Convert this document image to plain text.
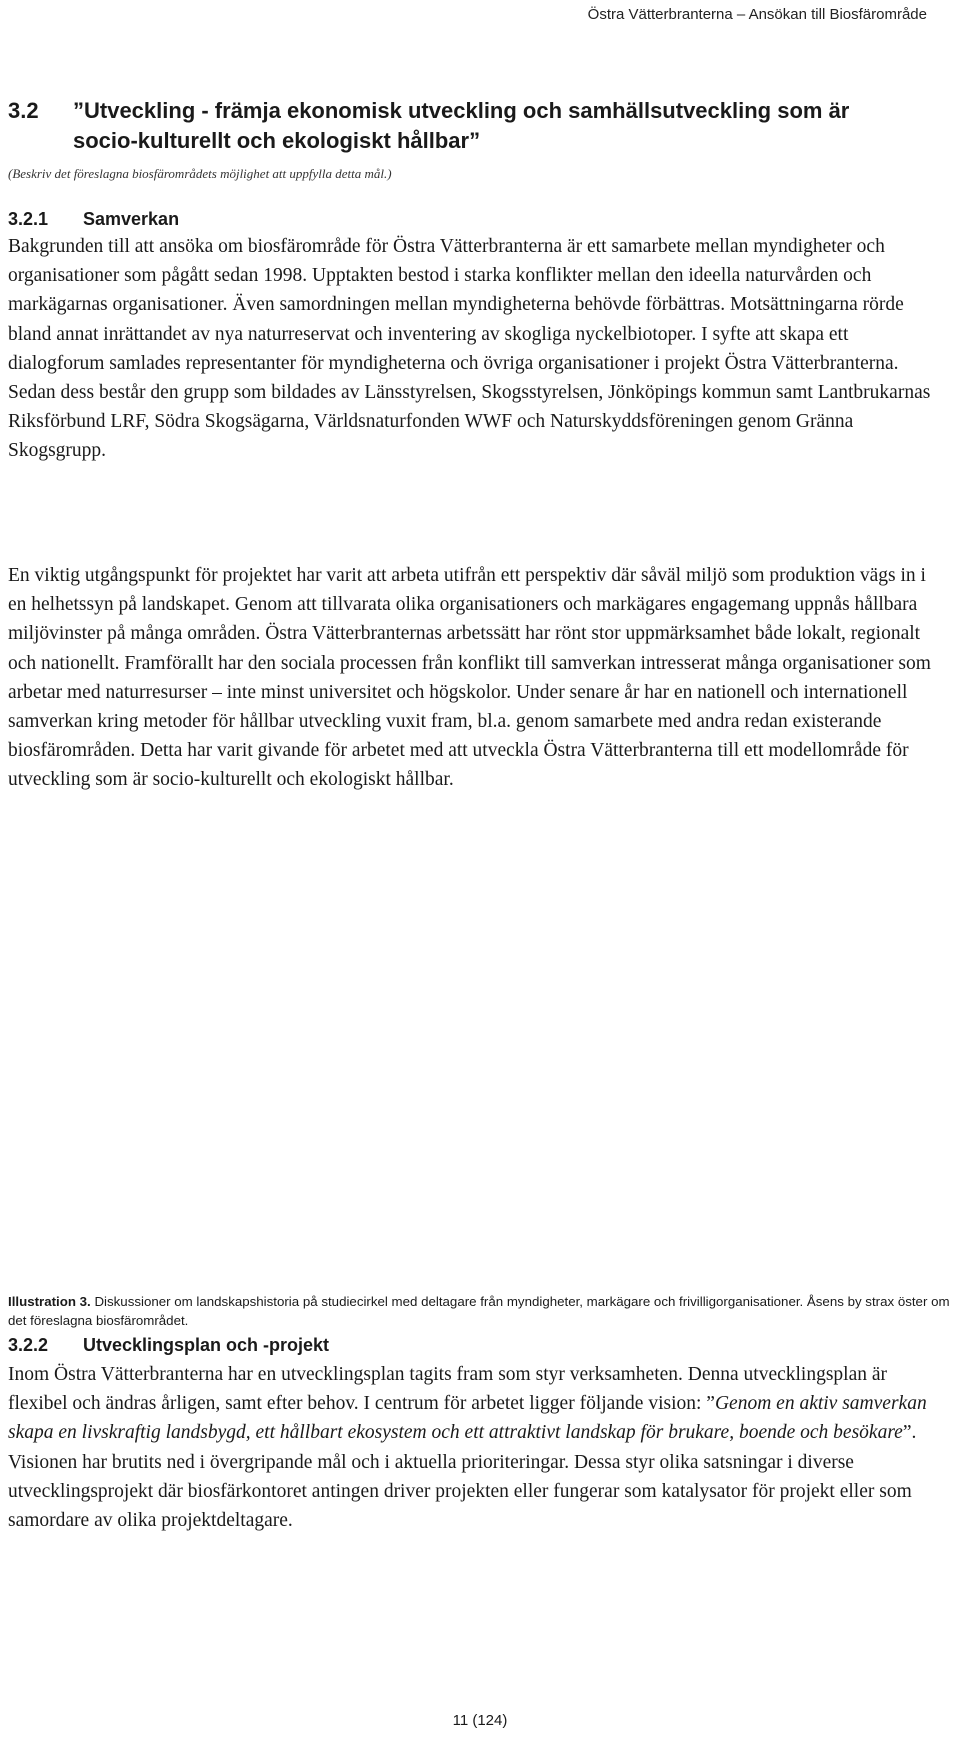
Östra Vätterbranterna – Ansökan till Biosfärområde
3.2	”Utveckling - främja ekonomisk utveckling och samhällsutveckling som är socio-kulturellt och ekologiskt hållbar”
(Beskriv det föreslagna biosfärområdets möjlighet att uppfylla detta mål.)
3.2.1 Samverkan

Bakgrunden till att ansöka om biosfärområde för Östra Vätterbranterna är ett samarbete mellan myndigheter och organisationer som pågått sedan 1998. Upptakten bestod i starka konflikter mellan den ideella naturvården och markägarnas organisationer. Även samordningen mellan myndigheterna behövde förbättras. Motsättningarna rörde bland annat inrättandet av nya naturreservat och inventering av skogliga nyckelbiotoper. I syfte att skapa ett dialogforum samlades representanter för myndigheterna och övriga organisationer i projekt Östra Vätterbranterna. Sedan dess består den grupp som bildades av Länsstyrelsen, Skogsstyrelsen, Jönköpings kommun samt Lantbrukarnas Riksförbund LRF, Södra Skogsägarna, Världsnaturfonden WWF och Naturskyddsföreningen genom Gränna Skogsgrupp.

En viktig utgångspunkt för projektet har varit att arbeta utifrån ett perspektiv där såväl miljö som produktion vägs in i en helhetssyn på landskapet. Genom att tillvarata olika organisationers och markägares engagemang uppnås hållbara miljövinster på många områden. Östra Vätterbranternas arbetssätt har rönt stor uppmärksamhet både lokalt, regionalt och nationellt. Framförallt har den sociala processen från konflikt till samverkan intresserat många organisationer som arbetar med naturresurser – inte minst universitet och högskolor. Under senare år har en nationell och internationell samverkan kring metoder för hållbar utveckling vuxit fram, bl.a. genom samarbete med andra redan existerande biosfärområden. Detta har varit givande för arbetet med att utveckla Östra Vätterbranterna till ett modellområde för utveckling som är socio-kulturellt och ekologiskt hållbar.

Illustration 3. Diskussioner om landskapshistoria på studiecirkel med deltagare från myndigheter, markägare och frivilligorganisationer. Åsens by strax öster om det föreslagna biosfärområdet.
3.2.2 Utvecklingsplan och -projekt

Inom Östra Vätterbranterna har en utvecklingsplan tagits fram som styr verksamheten. Denna utvecklingsplan är flexibel och ändras årligen, samt efter behov. I centrum för arbetet ligger följande vision: ”Genom en aktiv samverkan skapa en livskraftig landsbygd, ett hållbart ekosystem och ett attraktivt landskap för brukare, boende och besökare”. Visionen har brutits ned i övergripande mål och i aktuella prioriteringar. Dessa styr olika satsningar i diverse utvecklingsprojekt där biosfärkontoret antingen driver projekten eller fungerar som katalysator för projekt eller som samordare av olika projektdeltagare.

11 (124)
